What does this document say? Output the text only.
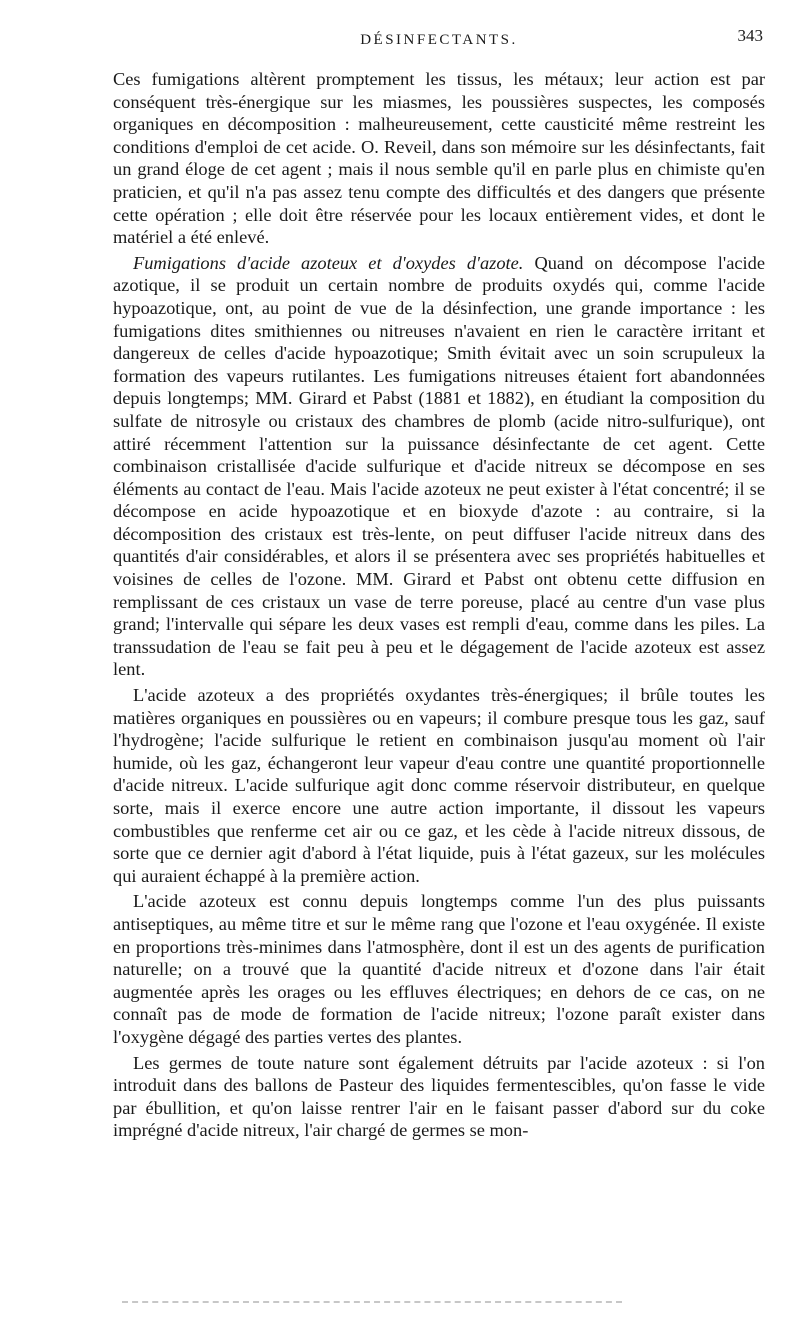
DÉSINFECTANTS.	343

Ces fumigations altèrent promptement les tissus, les métaux; leur action est par conséquent très-énergique sur les miasmes, les poussières suspectes, les composés organiques en décomposition : malheureusement, cette causticité même restreint les conditions d'emploi de cet acide. O. Reveil, dans son mémoire sur les désinfectants, fait un grand éloge de cet agent ; mais il nous semble qu'il en parle plus en chimiste qu'en praticien, et qu'il n'a pas assez tenu compte des difficultés et des dangers que présente cette opération ; elle doit être réservée pour les locaux entièrement vides, et dont le matériel a été enlevé.

Fumigations d'acide azoteux et d'oxydes d'azote. Quand on décompose l'acide azotique, il se produit un certain nombre de produits oxydés qui, comme l'acide hypoazotique, ont, au point de vue de la désinfection, une grande importance : les fumigations dites smithiennes ou nitreuses n'avaient en rien le caractère irritant et dangereux de celles d'acide hypoazotique; Smith évitait avec un soin scrupuleux la formation des vapeurs rutilantes. Les fumigations nitreuses étaient fort abandonnées depuis longtemps; MM. Girard et Pabst (1881 et 1882), en étudiant la composition du sulfate de nitrosyle ou cristaux des chambres de plomb (acide nitro-sulfurique), ont attiré récemment l'attention sur la puissance désinfectante de cet agent. Cette combinaison cristallisée d'acide sulfurique et d'acide nitreux se décompose en ses éléments au contact de l'eau. Mais l'acide azoteux ne peut exister à l'état concentré; il se décompose en acide hypoazotique et en bioxyde d'azote : au contraire, si la décomposition des cristaux est très-lente, on peut diffuser l'acide nitreux dans des quantités d'air considérables, et alors il se présentera avec ses propriétés habituelles et voisines de celles de l'ozone. MM. Girard et Pabst ont obtenu cette diffusion en remplissant de ces cristaux un vase de terre poreuse, placé au centre d'un vase plus grand; l'intervalle qui sépare les deux vases est rempli d'eau, comme dans les piles. La transsudation de l'eau se fait peu à peu et le dégagement de l'acide azoteux est assez lent.

L'acide azoteux a des propriétés oxydantes très-énergiques; il brûle toutes les matières organiques en poussières ou en vapeurs; il combure presque tous les gaz, sauf l'hydrogène; l'acide sulfurique le retient en combinaison jusqu'au moment où l'air humide, où les gaz, échangeront leur vapeur d'eau contre une quantité proportionnelle d'acide nitreux. L'acide sulfurique agit donc comme réservoir distributeur, en quelque sorte, mais il exerce encore une autre action importante, il dissout les vapeurs combustibles que renferme cet air ou ce gaz, et les cède à l'acide nitreux dissous, de sorte que ce dernier agit d'abord à l'état liquide, puis à l'état gazeux, sur les molécules qui auraient échappé à la première action.

L'acide azoteux est connu depuis longtemps comme l'un des plus puissants antiseptiques, au même titre et sur le même rang que l'ozone et l'eau oxygénée. Il existe en proportions très-minimes dans l'atmosphère, dont il est un des agents de purification naturelle; on a trouvé que la quantité d'acide nitreux et d'ozone dans l'air était augmentée après les orages ou les effluves électriques; en dehors de ce cas, on ne connaît pas de mode de formation de l'acide nitreux; l'ozone paraît exister dans l'oxygène dégagé des parties vertes des plantes.

Les germes de toute nature sont également détruits par l'acide azoteux : si l'on introduit dans des ballons de Pasteur des liquides fermentescibles, qu'on fasse le vide par ébullition, et qu'on laisse rentrer l'air en le faisant passer d'abord sur du coke imprégné d'acide nitreux, l'air chargé de germes se mon-
